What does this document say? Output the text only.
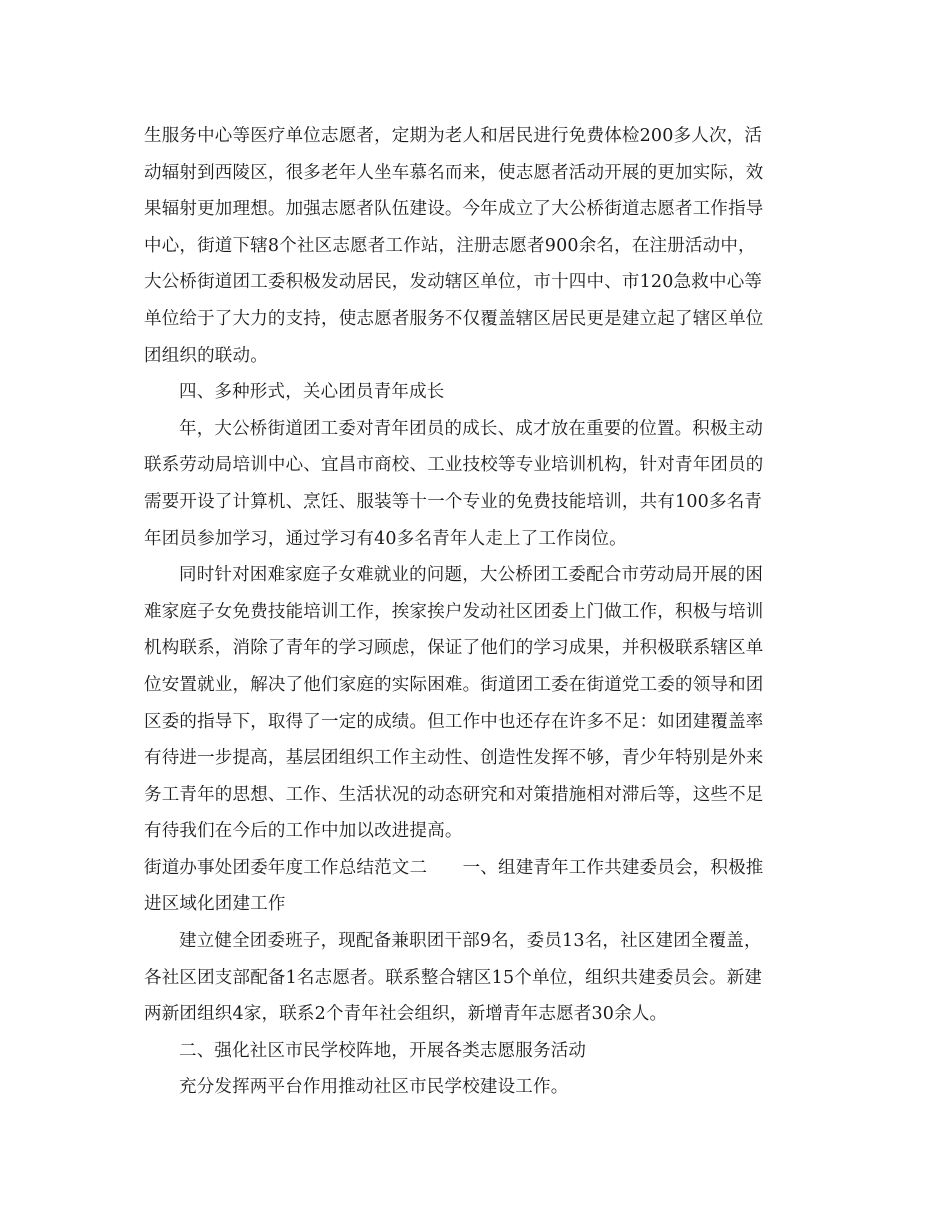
生服务中心等医疗单位志愿者，定期为老人和居民进行免费体检200多人次，活
动辐射到西陵区，很多老年人坐车慕名而来，使志愿者活动开展的更加实际，效
果辐射更加理想。加强志愿者队伍建设。今年成立了大公桥街道志愿者工作指导
中心，街道下辖8个社区志愿者工作站，注册志愿者900余名，在注册活动中，
大公桥街道团工委积极发动居民，发动辖区单位，市十四中、市120急救中心等
单位给于了大力的支持，使志愿者服务不仅覆盖辖区居民更是建立起了辖区单位
团组织的联动。
四、多种形式，关心团员青年成长
年，大公桥街道团工委对青年团员的成长、成才放在重要的位置。积极主动
联系劳动局培训中心、宜昌市商校、工业技校等专业培训机构，针对青年团员的
需要开设了计算机、烹饪、服装等十一个专业的免费技能培训，共有100多名青
年团员参加学习，通过学习有40多名青年人走上了工作岗位。
同时针对困难家庭子女难就业的问题，大公桥团工委配合市劳动局开展的困
难家庭子女免费技能培训工作，挨家挨户发动社区团委上门做工作，积极与培训
机构联系，消除了青年的学习顾虑，保证了他们的学习成果，并积极联系辖区单
位安置就业，解决了他们家庭的实际困难。街道团工委在街道党工委的领导和团
区委的指导下，取得了一定的成绩。但工作中也还存在许多不足：如团建覆盖率
有待进一步提高，基层团组织工作主动性、创造性发挥不够，青少年特别是外来
务工青年的思想、工作、生活状况的动态研究和对策措施相对滞后等，这些不足
有待我们在今后的工作中加以改进提高。
街道办事处团委年度工作总结范文二　　一、组建青年工作共建委员会，积极推
进区域化团建工作
建立健全团委班子，现配备兼职团干部9名，委员13名，社区建团全覆盖，
各社区团支部配备1名志愿者。联系整合辖区15个单位，组织共建委员会。新建
两新团组织4家，联系2个青年社会组织，新增青年志愿者30余人。
二、强化社区市民学校阵地，开展各类志愿服务活动
充分发挥两平台作用推动社区市民学校建设工作。
